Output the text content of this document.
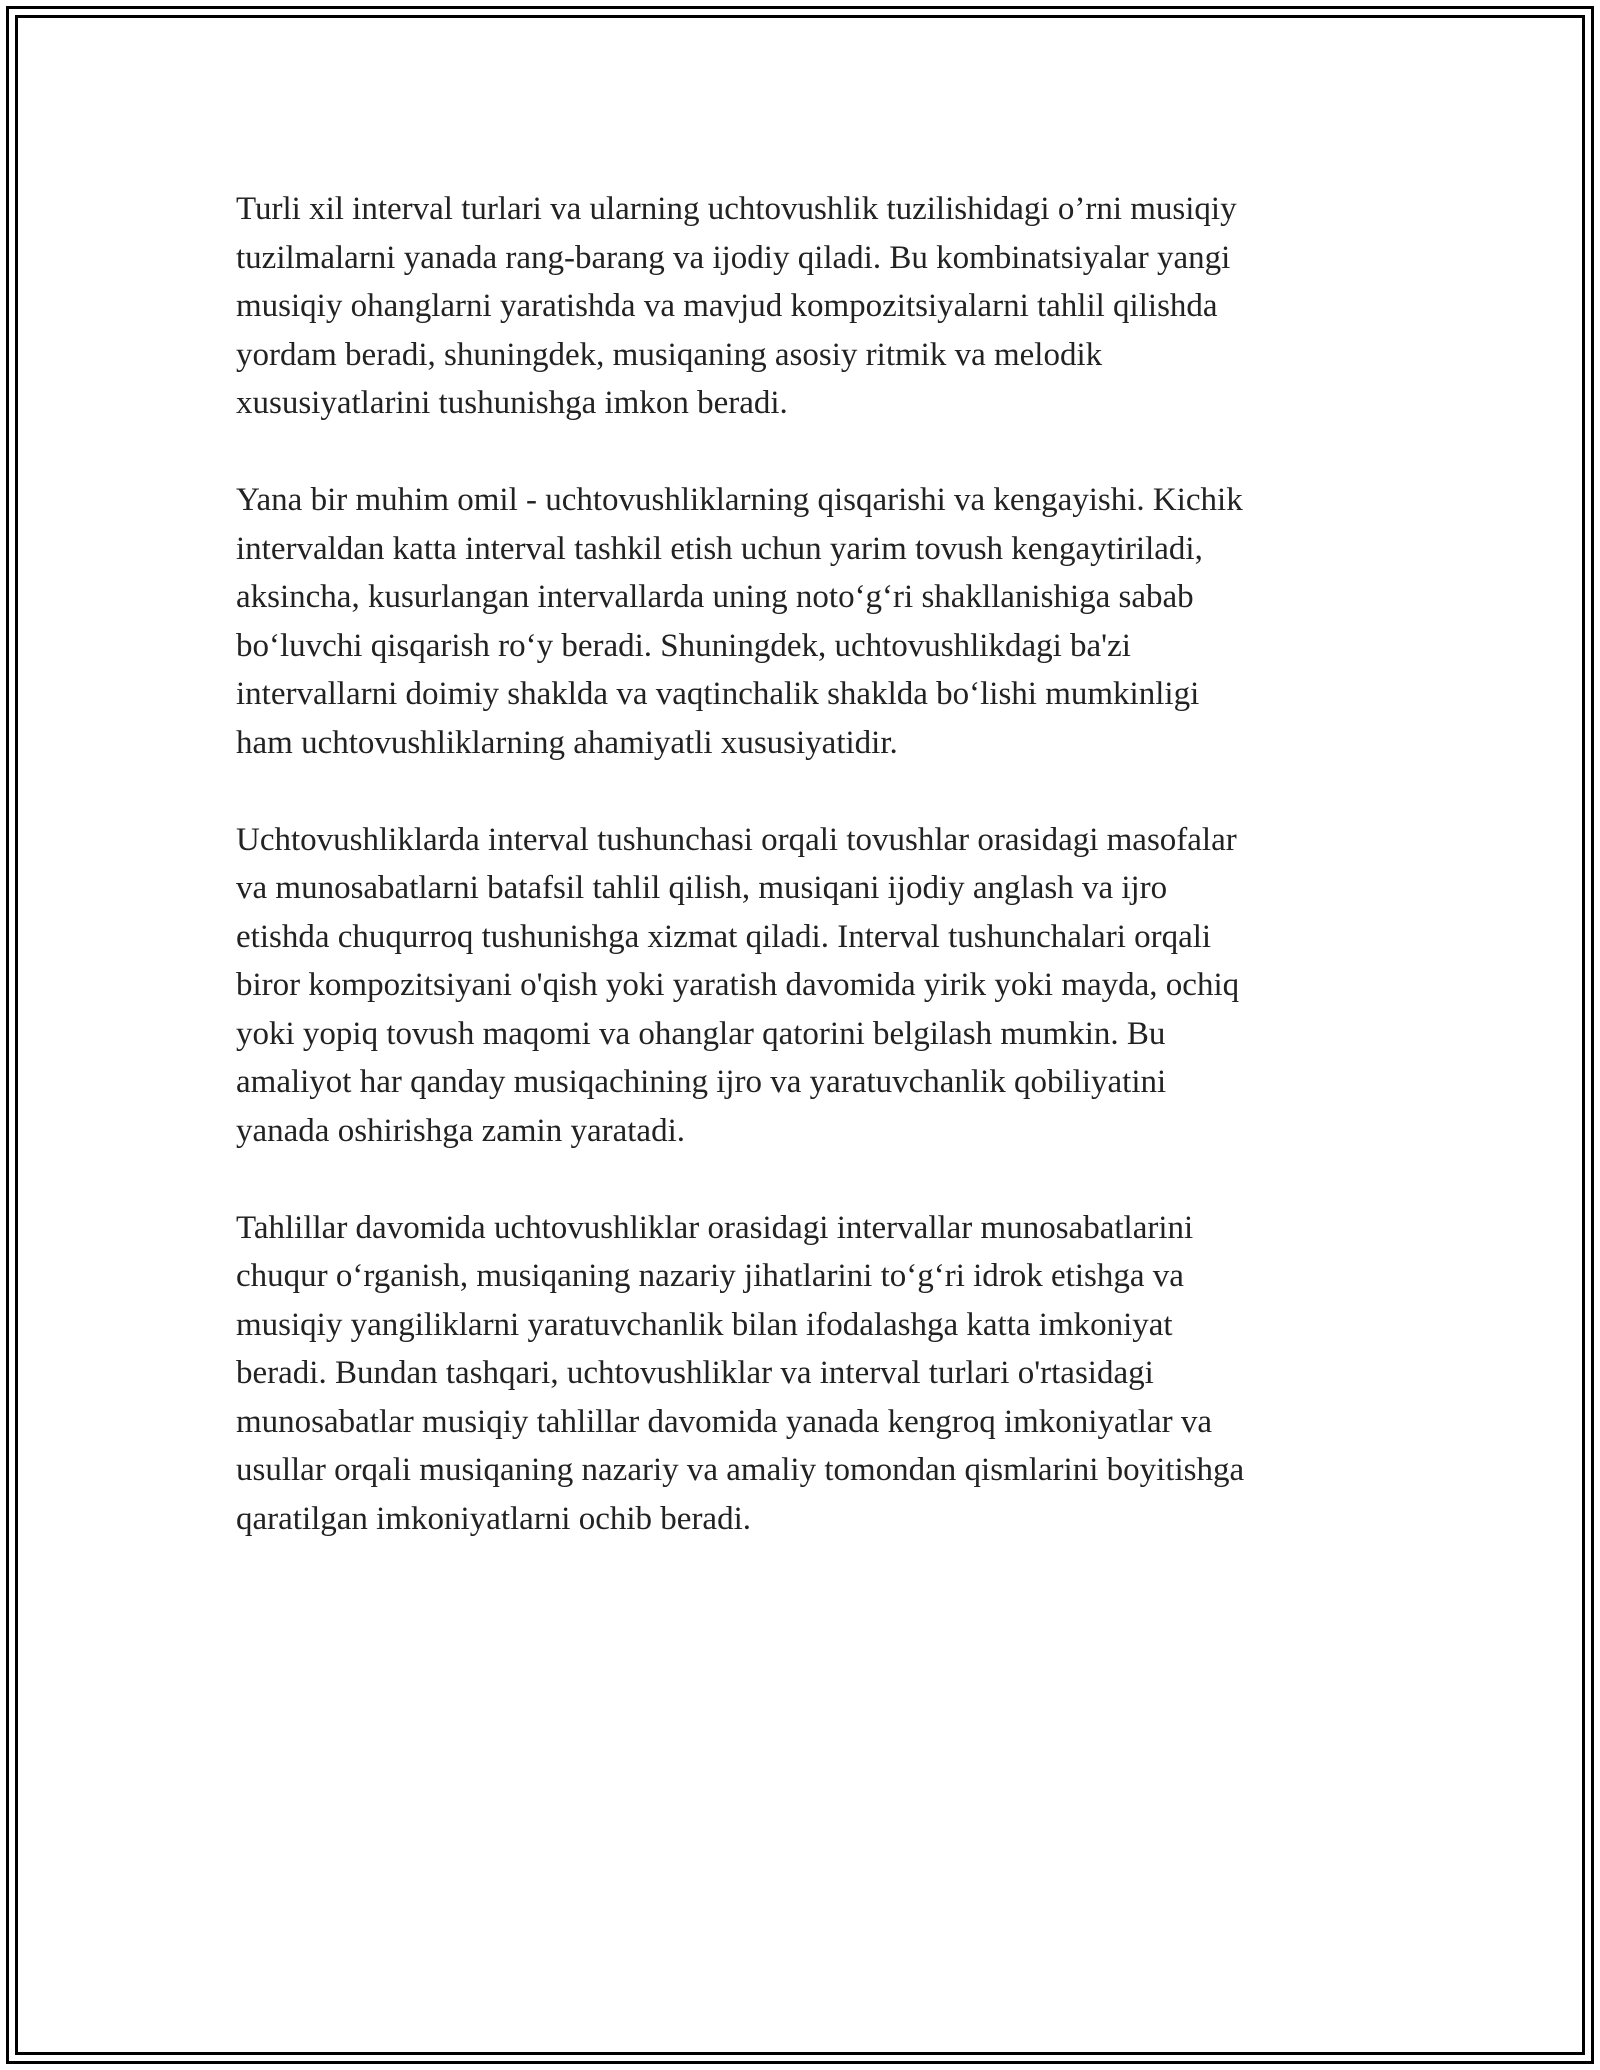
Turli xil interval turlari va ularning uchtovushlik tuzilishidagi o’rni musiqiy
tuzilmalarni yanada rang-barang va ijodiy qiladi. Bu kombinatsiyalar yangi
musiqiy ohanglarni yaratishda va mavjud kompozitsiyalarni tahlil qilishda
yordam beradi, shuningdek, musiqaning asosiy ritmik va melodik
xususiyatlarini tushunishga imkon beradi.

Yana bir muhim omil - uchtovushliklarning qisqarishi va kengayishi. Kichik
intervaldan katta interval tashkil etish uchun yarim tovush kengaytiriladi,
aksincha, kusurlangan intervallarda uning noto‘g‘ri shakllanishiga sabab
bo‘luvchi qisqarish ro‘y beradi. Shuningdek, uchtovushlikdagi ba'zi
intervallarni doimiy shaklda va vaqtinchalik shaklda bo‘lishi mumkinligi
ham uchtovushliklarning ahamiyatli xususiyatidir.

Uchtovushliklarda interval tushunchasi orqali tovushlar orasidagi masofalar
va munosabatlarni batafsil tahlil qilish, musiqani ijodiy anglash va ijro
etishda chuqurroq tushunishga xizmat qiladi. Interval tushunchalari orqali
biror kompozitsiyani o'qish yoki yaratish davomida yirik yoki mayda, ochiq
yoki yopiq tovush maqomi va ohanglar qatorini belgilash mumkin. Bu
amaliyot har qanday musiqachining ijro va yaratuvchanlik qobiliyatini
yanada oshirishga zamin yaratadi.

Tahlillar davomida uchtovushliklar orasidagi intervallar munosabatlarini
chuqur o‘rganish, musiqaning nazariy jihatlarini to‘g‘ri idrok etishga va
musiqiy yangiliklarni yaratuvchanlik bilan ifodalashga katta imkoniyat
beradi. Bundan tashqari, uchtovushliklar va interval turlari o'rtasidagi
munosabatlar musiqiy tahlillar davomida yanada kengroq imkoniyatlar va
usullar orqali musiqaning nazariy va amaliy tomondan qismlarini boyitishga
qaratilgan imkoniyatlarni ochib beradi.
